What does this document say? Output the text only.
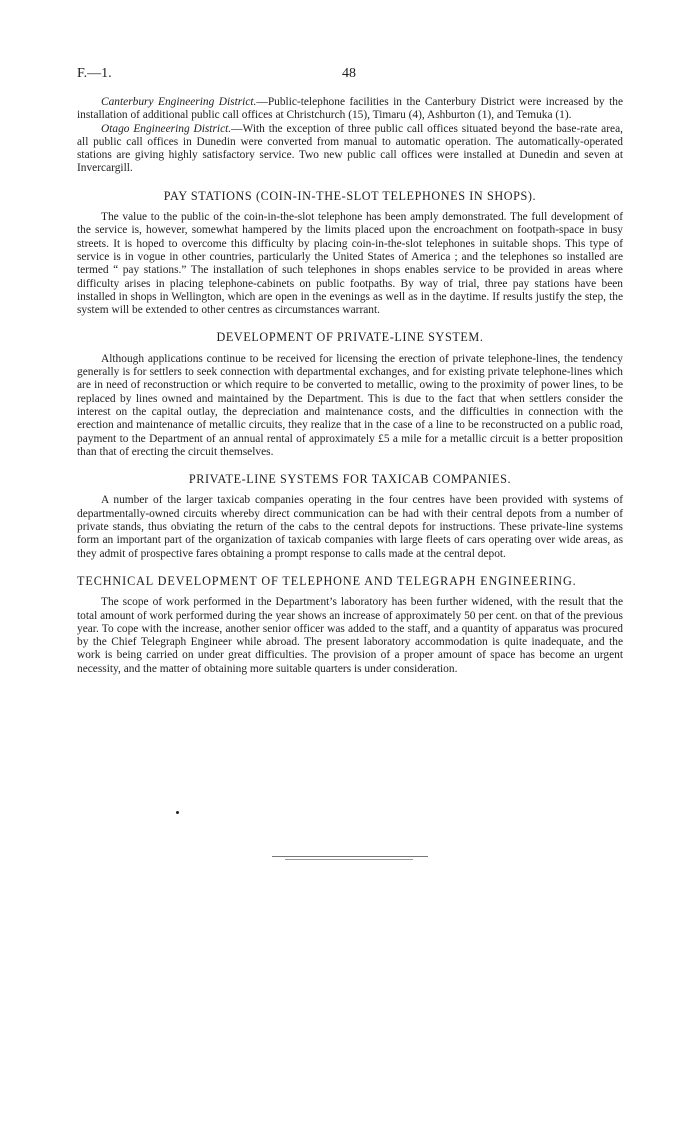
F.—1.	48

Canterbury Engineering District.—Public-telephone facilities in the Canterbury District were increased by the installation of additional public call offices at Christchurch (15), Timaru (4), Ashburton (1), and Temuka (1).

Otago Engineering District.—With the exception of three public call offices situated beyond the base-rate area, all public call offices in Dunedin were converted from manual to automatic operation. The automatically-operated stations are giving highly satisfactory service. Two new public call offices were installed at Dunedin and seven at Invercargill.

PAY STATIONS (COIN-IN-THE-SLOT TELEPHONES IN SHOPS).

The value to the public of the coin-in-the-slot telephone has been amply demonstrated. The full development of the service is, however, somewhat hampered by the limits placed upon the encroachment on footpath-space in busy streets. It is hoped to overcome this difficulty by placing coin-in-the-slot telephones in suitable shops. This type of service is in vogue in other countries, particularly the United States of America ; and the telephones so installed are termed “ pay stations.” The installation of such telephones in shops enables service to be provided in areas where difficulty arises in placing telephone-cabinets on public footpaths. By way of trial, three pay stations have been installed in shops in Wellington, which are open in the evenings as well as in the daytime. If results justify the step, the system will be extended to other centres as circumstances warrant.

DEVELOPMENT OF PRIVATE-LINE SYSTEM.

Although applications continue to be received for licensing the erection of private telephone-lines, the tendency generally is for settlers to seek connection with departmental exchanges, and for existing private telephone-lines which are in need of reconstruction or which require to be converted to metallic, owing to the proximity of power lines, to be replaced by lines owned and maintained by the Department. This is due to the fact that when settlers consider the interest on the capital outlay, the depreciation and maintenance costs, and the difficulties in connection with the erection and maintenance of metallic circuits, they realize that in the case of a line to be reconstructed on a public road, payment to the Department of an annual rental of approximately £5 a mile for a metallic circuit is a better proposition than that of erecting the circuit themselves.

PRIVATE-LINE SYSTEMS FOR TAXICAB COMPANIES.

A number of the larger taxicab companies operating in the four centres have been provided with systems of departmentally-owned circuits whereby direct communication can be had with their central depots from a number of private stands, thus obviating the return of the cabs to the central depots for instructions. These private-line systems form an important part of the organization of taxicab companies with large fleets of cars operating over wide areas, as they admit of prospective fares obtaining a prompt response to calls made at the central depot.

TECHNICAL DEVELOPMENT OF TELEPHONE AND TELEGRAPH ENGINEERING.

The scope of work performed in the Department’s laboratory has been further widened, with the result that the total amount of work performed during the year shows an increase of approximately 50 per cent. on that of the previous year. To cope with the increase, another senior officer was added to the staff, and a quantity of apparatus was procured by the Chief Telegraph Engineer while abroad. The present laboratory accommodation is quite inadequate, and the work is being carried on under great difficulties. The provision of a proper amount of space has become an urgent necessity, and the matter of obtaining more suitable quarters is under consideration.
